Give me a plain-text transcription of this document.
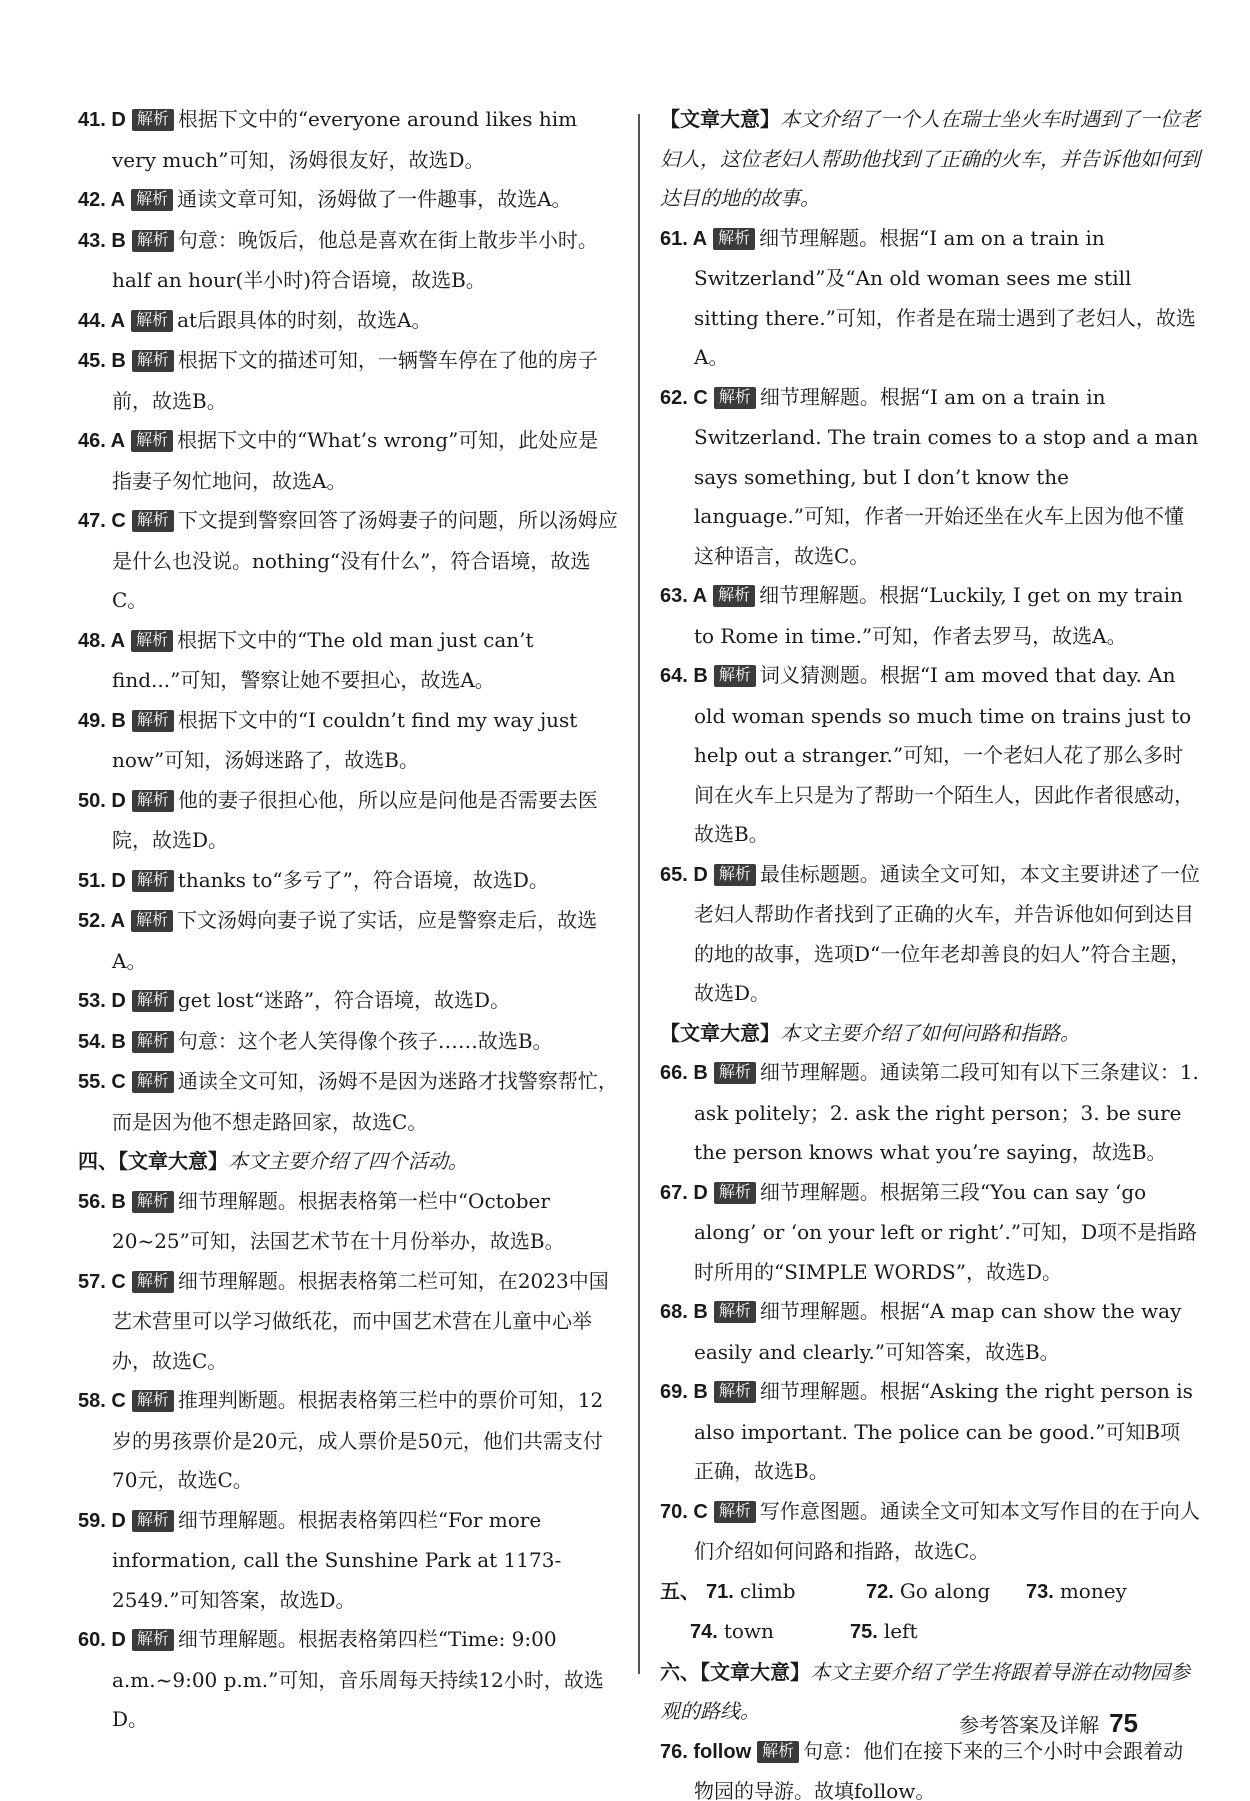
41. D 解析 根据下文中的“everyone around likes him very much”可知，汤姆很友好，故选D。
42. A 解析 通读文章可知，汤姆做了一件趣事，故选A。
43. B 解析 句意：晚饭后，他总是喜欢在街上散步半小时。half an hour(半小时)符合语境，故选B。
44. A 解析 at后跟具体的时刻，故选A。
45. B 解析 根据下文的描述可知，一辆警车停在了他的房子前，故选B。
46. A 解析 根据下文中的“What’s wrong”可知，此处应是指妻子匆忙地问，故选A。
47. C 解析 下文提到警察回答了汤姆妻子的问题，所以汤姆应是什么也没说。nothing“没有什么”，符合语境，故选C。
48. A 解析 根据下文中的“The old man just can’t find...”可知，警察让她不要担心，故选A。
49. B 解析 根据下文中的“I couldn’t find my way just now”可知，汤姆迷路了，故选B。
50. D 解析 他的妻子很担心他，所以应是问他是否需要去医院，故选D。
51. D 解析 thanks to“多亏了”，符合语境，故选D。
52. A 解析 下文汤姆向妻子说了实话，应是警察走后，故选A。
53. D 解析 get lost“迷路”，符合语境，故选D。
54. B 解析 句意：这个老人笑得像个孩子……故选B。
55. C 解析 通读全文可知，汤姆不是因为迷路才找警察帮忙，而是因为他不想走路回家，故选C。
四、【文章大意】本文主要介绍了四个活动。
56. B 解析 细节理解题。根据表格第一栏中“October 20~25”可知，法国艺术节在十月份举办，故选B。
57. C 解析 细节理解题。根据表格第二栏可知，在2023中国艺术营里可以学习做纸花，而中国艺术营在儿童中心举办，故选C。
58. C 解析 推理判断题。根据表格第三栏中的票价可知，12岁的男孩票价是20元，成人票价是50元，他们共需支付70元，故选C。
59. D 解析 细节理解题。根据表格第四栏“For more information, call the Sunshine Park at 1173-2549.”可知答案，故选D。
60. D 解析 细节理解题。根据表格第四栏“Time: 9:00 a.m.~9:00 p.m.”可知，音乐周每天持续12小时，故选D。
【文章大意】本文介绍了一个人在瑞士坐火车时遇到了一位老妇人，这位老妇人帮助他找到了正确的火车，并告诉他如何到达目的地的故事。
61. A 解析 细节理解题。根据“I am on a train in Switzerland”及“An old woman sees me still sitting there.”可知，作者是在瑞士遇到了老妇人，故选A。
62. C 解析 细节理解题。根据“I am on a train in Switzerland. The train comes to a stop and a man says something, but I don’t know the language.”可知，作者一开始还坐在火车上因为他不懂这种语言，故选C。
63. A 解析 细节理解题。根据“Luckily, I get on my train to Rome in time.”可知，作者去罗马，故选A。
64. B 解析 词义猜测题。根据“I am moved that day. An old woman spends so much time on trains just to help out a stranger.”可知，一个老妇人花了那么多时间在火车上只是为了帮助一个陌生人，因此作者很感动，故选B。
65. D 解析 最佳标题题。通读全文可知，本文主要讲述了一位老妇人帮助作者找到了正确的火车，并告诉他如何到达目的地的故事，选项D“一位年老却善良的妇人”符合主题，故选D。
【文章大意】本文主要介绍了如何问路和指路。
66. B 解析 细节理解题。通读第二段可知有以下三条建议：1. ask politely；2. ask the right person；3. be sure the person knows what you’re saying，故选B。
67. D 解析 细节理解题。根据第三段“You can say ‘go along’ or ‘on your left or right’.”可知，D项不是指路时所用的“SIMPLE WORDS”，故选D。
68. B 解析 细节理解题。根据“A map can show the way easily and clearly.”可知答案，故选B。
69. B 解析 细节理解题。根据“Asking the right person is also important. The police can be good.”可知B项正确，故选B。
70. C 解析 写作意图题。通读全文可知本文写作目的在于向人们介绍如何问路和指路，故选C。
五、 71. climb	72. Go along 73. money
74. town	75. left
六、【文章大意】本文主要介绍了学生将跟着导游在动物园参观的路线。
76. follow 解析 句意：他们在接下来的三个小时中会跟着动物园的导游。故填follow。
参考答案及详解 75
